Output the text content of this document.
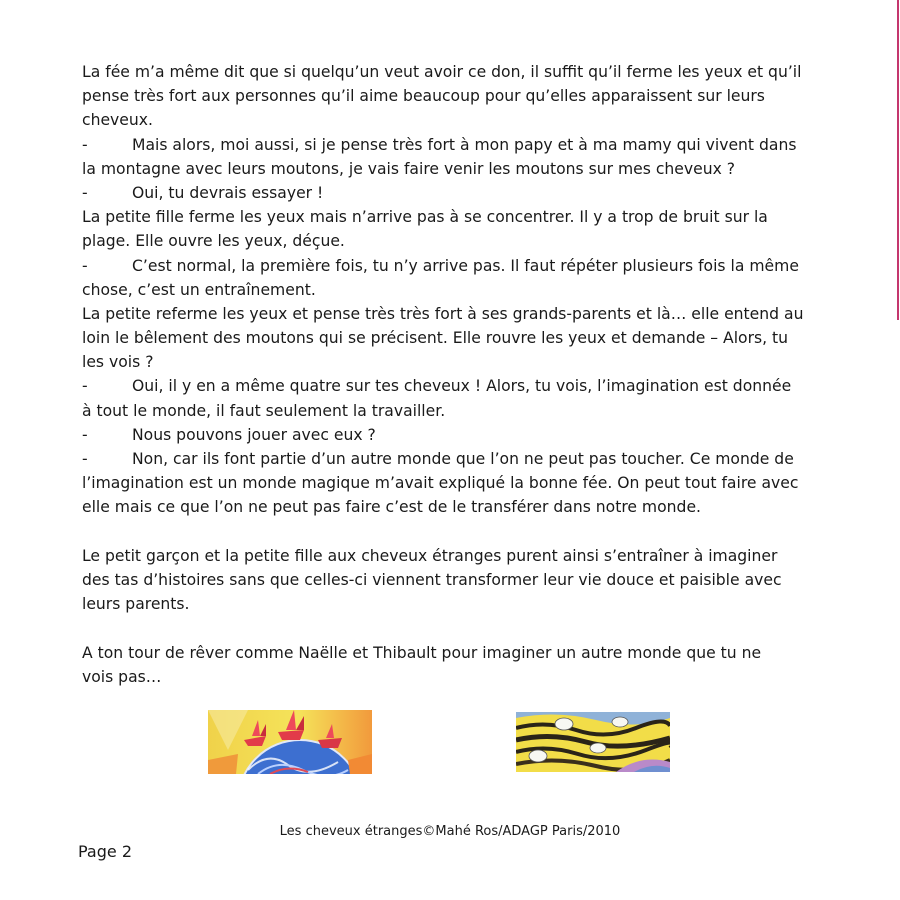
La fée m’a même dit que si quelqu’un veut avoir ce don, il suffit qu’il ferme les yeux et qu’il
pense très fort aux personnes qu’il aime beaucoup pour qu’elles apparaissent sur leurs
cheveux.
-	Mais alors, moi aussi, si je pense très fort à mon papy et à ma mamy qui vivent dans
la montagne avec leurs moutons, je vais faire venir les moutons sur mes cheveux ?
-	Oui, tu devrais essayer !
La petite fille ferme les yeux mais n’arrive pas à se concentrer. Il y a trop de bruit sur la
plage. Elle ouvre les yeux, déçue.
-	C’est normal, la première fois, tu n’y arrive pas. Il faut répéter plusieurs fois la même
chose, c’est un entraînement.
La petite referme les yeux et pense très très fort à ses grands-parents et là… elle entend au
loin le bêlement des moutons qui se précisent. Elle rouvre les yeux et demande – Alors, tu
les vois ?
-	Oui, il y en a même quatre sur tes cheveux ! Alors, tu vois, l’imagination est donnée
à tout le monde, il faut seulement la travailler.
-	Nous pouvons jouer avec eux ?
-	Non, car ils font partie d’un autre monde que l’on ne peut pas toucher. Ce monde de
l’imagination est un monde magique m’avait expliqué la bonne fée. On peut tout faire avec
elle mais ce que l’on ne peut pas faire c’est de le transférer dans notre monde.
Le petit garçon et la petite fille aux cheveux étranges purent ainsi s’entraîner à imaginer
des tas d’histoires sans que celles-ci viennent transformer leur vie douce et paisible avec
leurs parents.
A ton tour de rêver comme Naëlle et Thibault pour imaginer un autre monde que tu ne
vois pas…
Les cheveux étranges©Mahé Ros/ADAGP Paris/2010
Page 2
